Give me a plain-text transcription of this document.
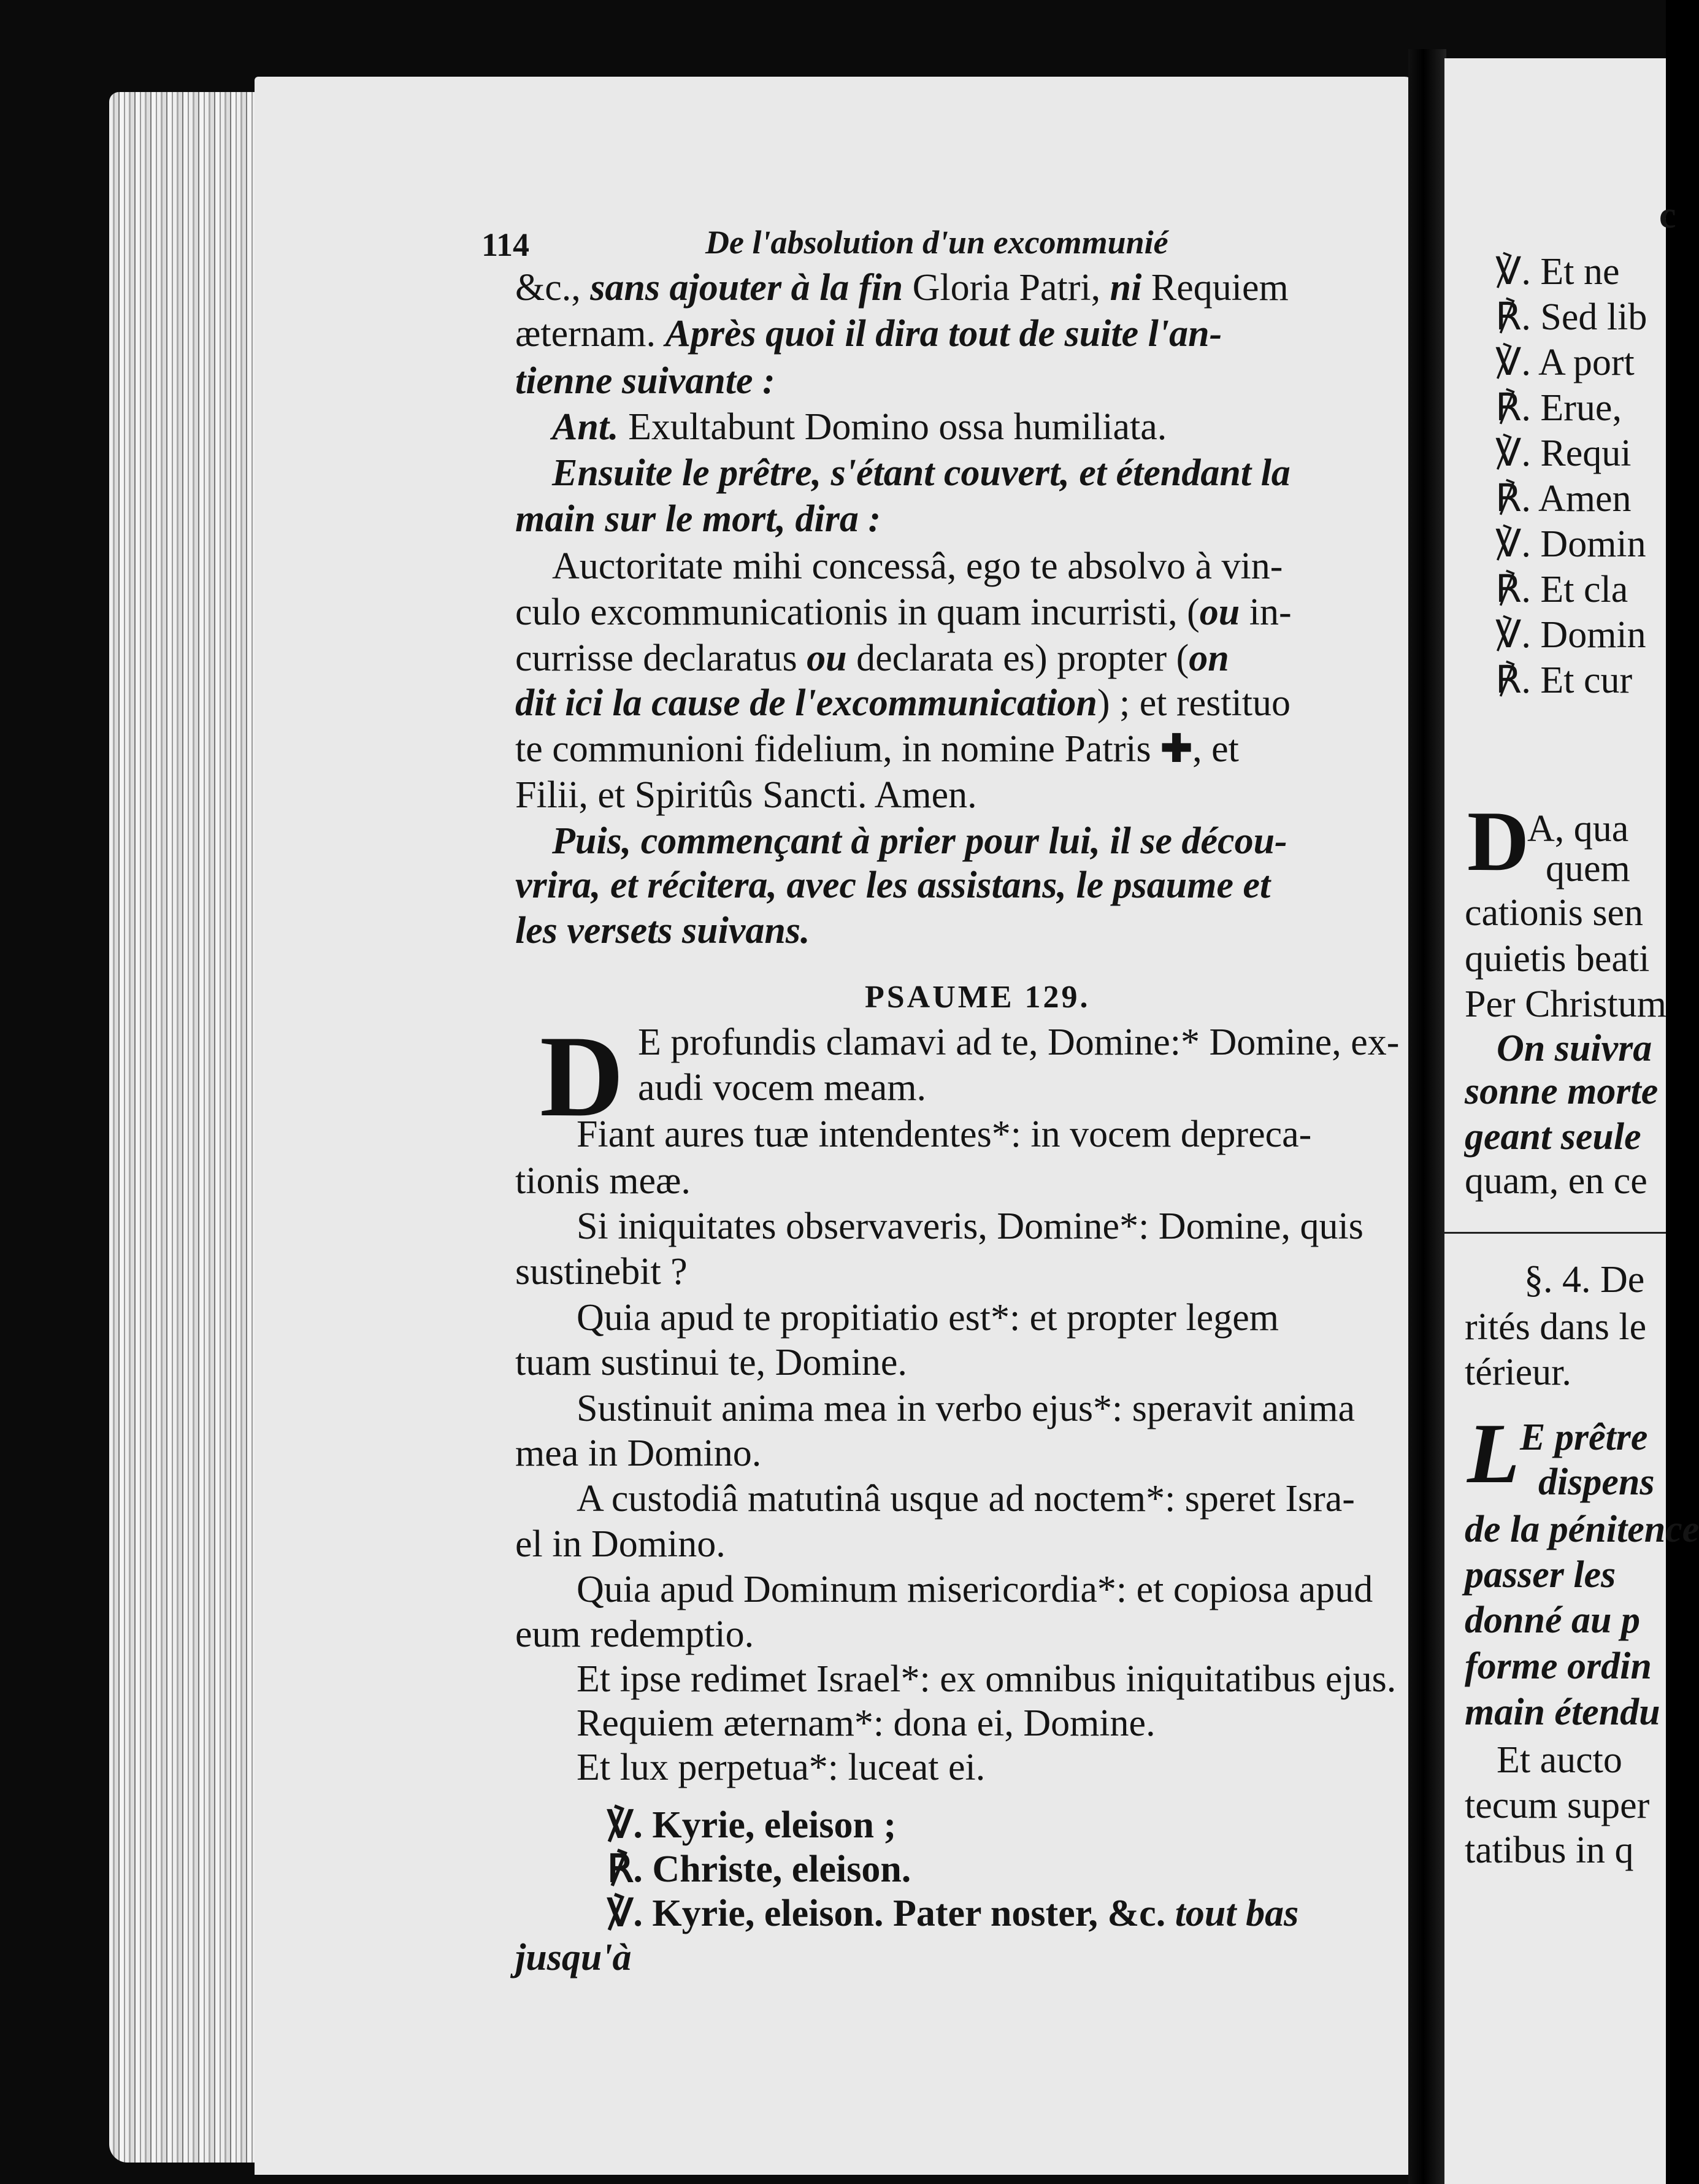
114	De l'absolution d'un excommunié

&c., sans ajouter à la fin Gloria Patri, ni Requiem

æternam. Après quoi il dira tout de suite l'an-

tienne suivante :

Ant. Exultabunt Domino ossa humiliata.

Ensuite le prêtre, s'étant couvert, et étendant la

main sur le mort, dira :

Auctoritate mihi concessâ, ego te absolvo à vin-

culo excommunicationis in quam incurristi, (ou in-

currisse declaratus ou declarata es) propter (on

dit ici la cause de l'excommunication) ; et restituo

te communioni fidelium, in nomine Patris ✚, et

Filii, et Spiritûs Sancti. Amen.

Puis, commençant à prier pour lui, il se décou-

vrira, et récitera, avec les assistans, le psaume et

les versets suivans.

PSAUME 129.

D E profundis clamavi ad te, Domine:* Domine, ex-

audi vocem meam.

Fiant aures tuæ intendentes*: in vocem depreca-

tionis meæ.

Si iniquitates observaveris, Domine*: Domine, quis

sustinebit ?

Quia apud te propitiatio est*: et propter legem

tuam sustinui te, Domine.

Sustinuit anima mea in verbo ejus*: speravit anima

mea in Domino.

A custodiâ matutinâ usque ad noctem*: speret Isra-

el in Domino.

Quia apud Dominum misericordia*: et copiosa apud

eum redemptio.

Et ipse redimet Israel*: ex omnibus iniquitatibus ejus.

Requiem æternam*: dona ei, Domine.

Et lux perpetua*: luceat ei.

℣. Kyrie, eleison ;

℟. Christe, eleison.

℣. Kyrie, eleison. Pater noster, &c. tout bas

jusqu'à

c

℣. Et ne

℟. Sed lib

℣. A port

℟. Erue,

℣. Requi

℟. Amen

℣. Domin

℟. Et cla

℣. Domin

℟. Et cur

D

A, qua

quem

cationis sen

quietis beati

Per Christum

On suivra

sonne morte

geant seule

quam, en ce

§. 4. De

rités dans le

térieur.

L E prêtre

dispens

de la pénitence

passer les

donné au p

forme ordin

main étendu

Et aucto

tecum super

tatibus in q
